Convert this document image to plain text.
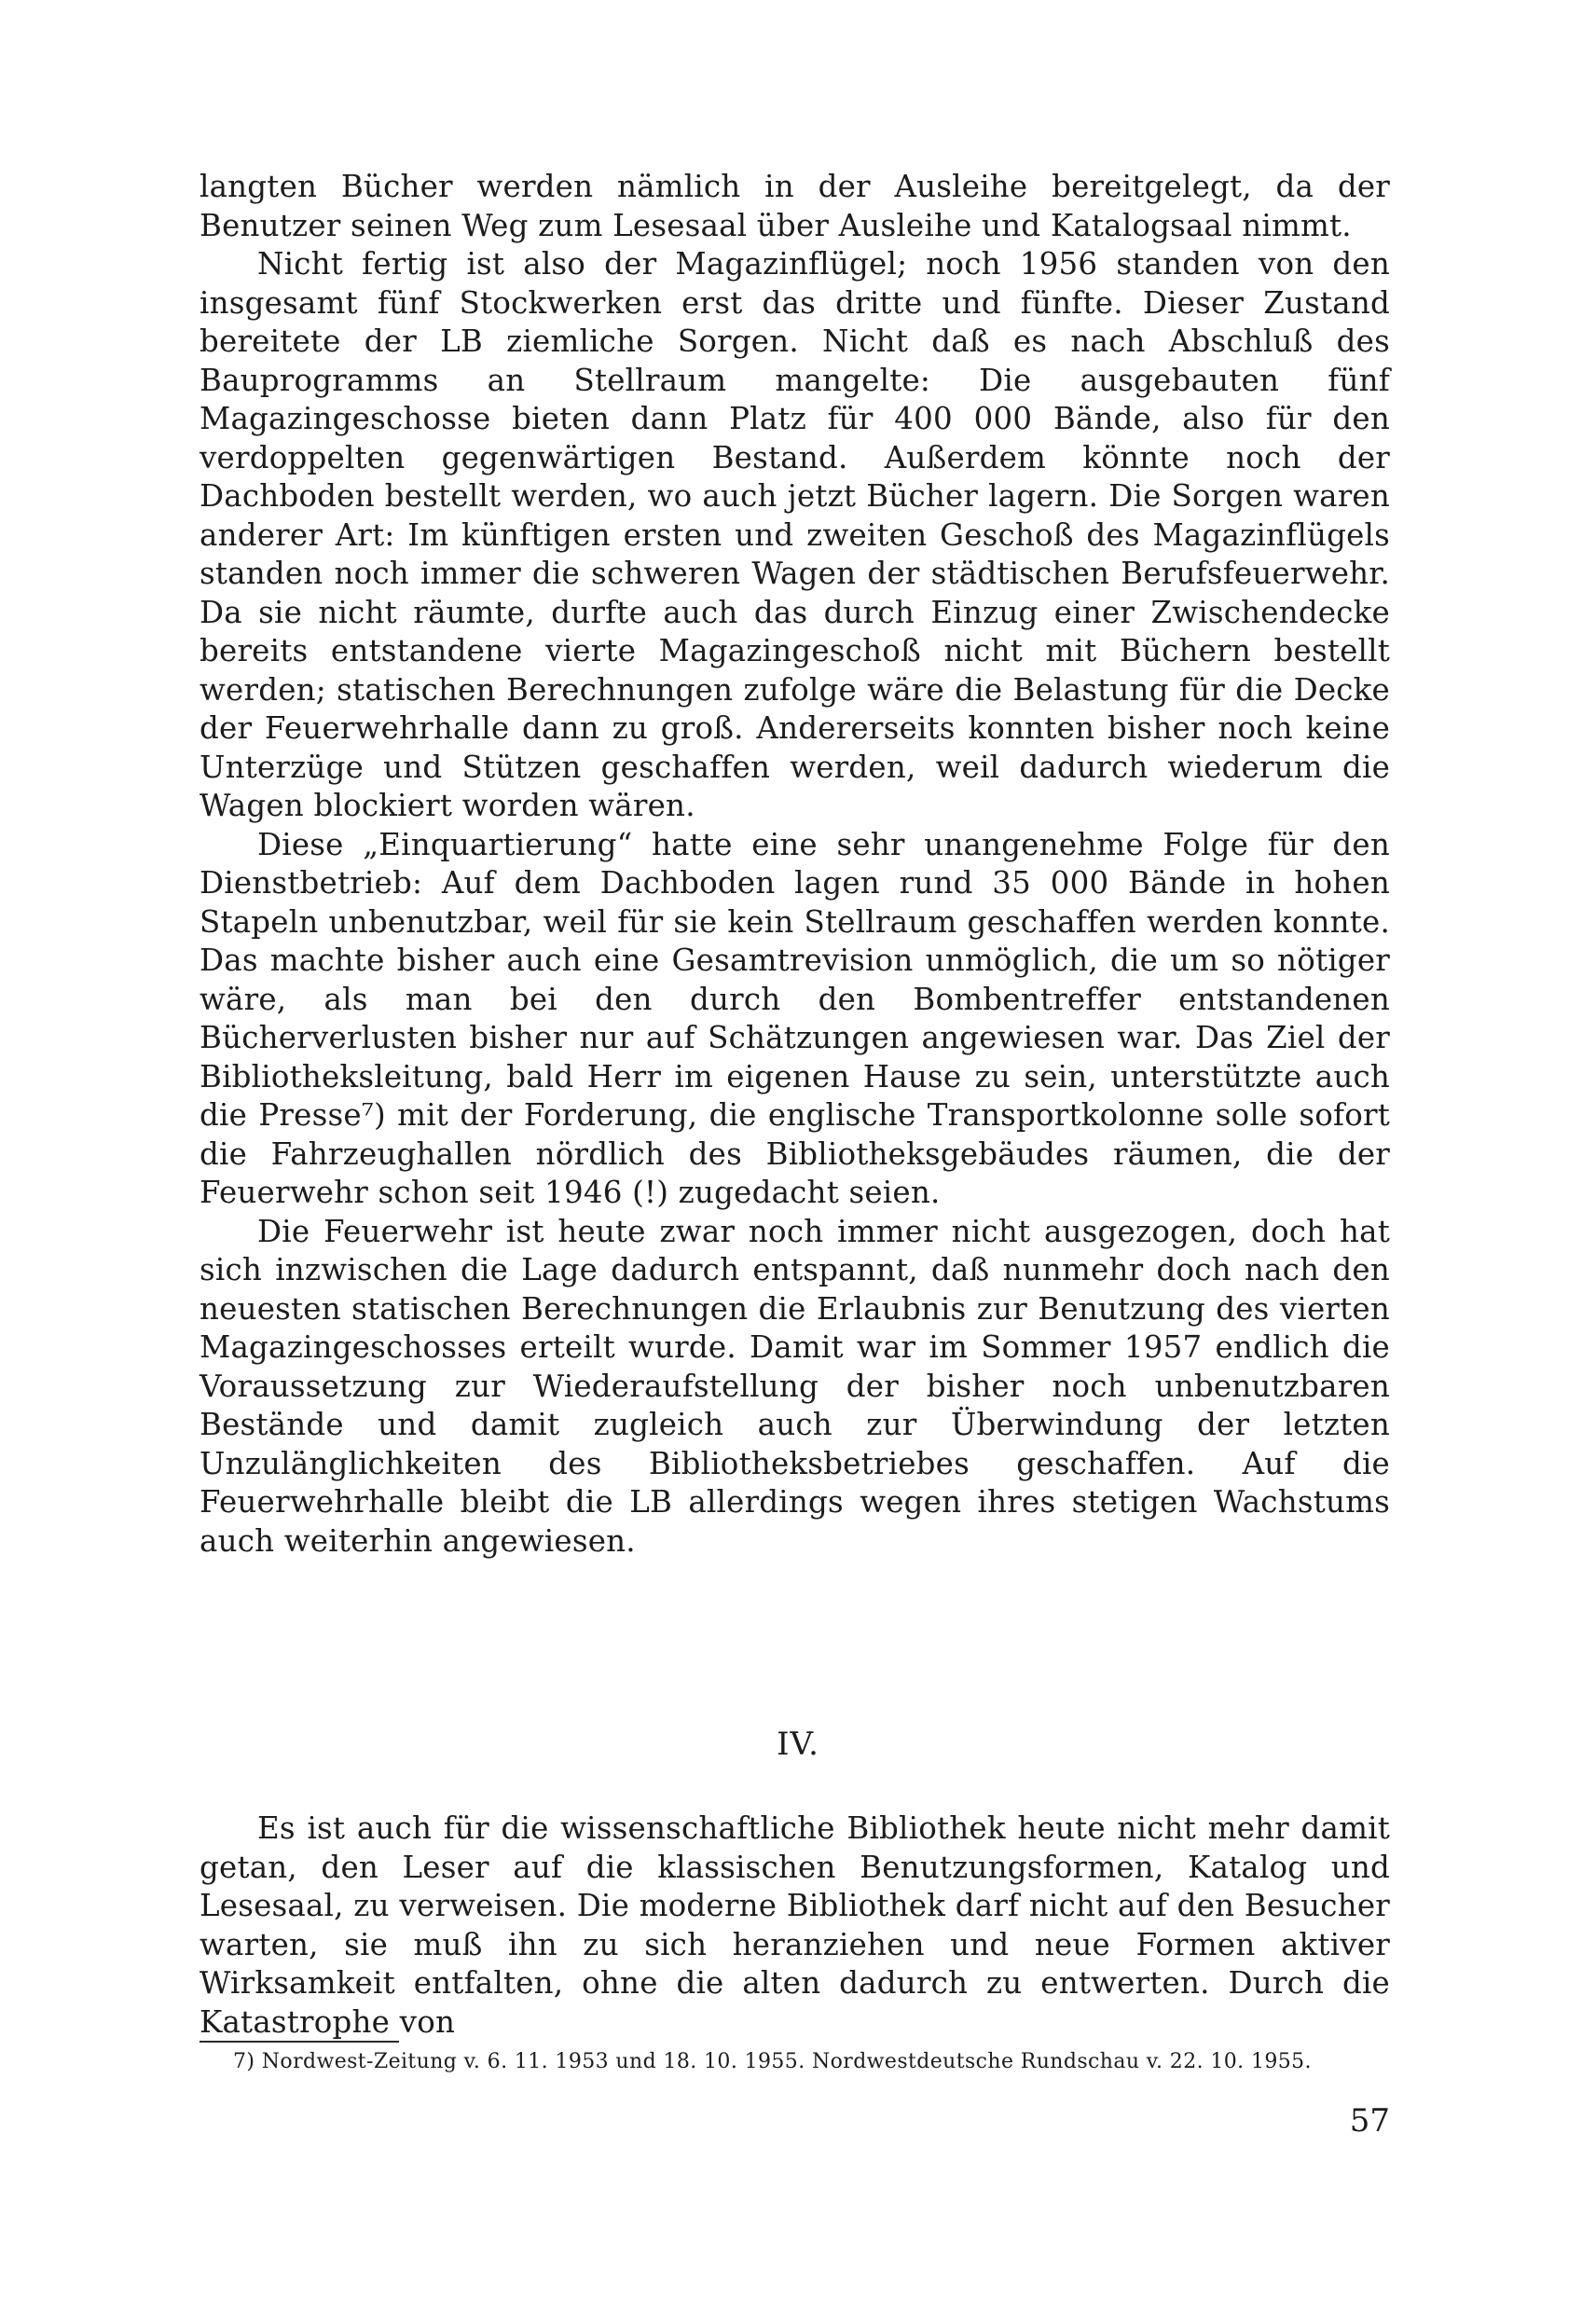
langten Bücher werden nämlich in der Ausleihe bereitgelegt, da der Benutzer seinen Weg zum Lesesaal über Ausleihe und Katalogsaal nimmt.

Nicht fertig ist also der Magazinflügel; noch 1956 standen von den insgesamt fünf Stockwerken erst das dritte und fünfte. Dieser Zustand bereitete der LB ziemliche Sorgen. Nicht daß es nach Abschluß des Bauprogramms an Stellraum mangelte: Die ausgebauten fünf Magazingeschosse bieten dann Platz für 400 000 Bände, also für den verdoppelten gegenwärtigen Bestand. Außerdem könnte noch der Dachboden bestellt werden, wo auch jetzt Bücher lagern. Die Sorgen waren anderer Art: Im künftigen ersten und zweiten Geschoß des Magazinflügels standen noch immer die schweren Wagen der städtischen Berufsfeuerwehr. Da sie nicht räumte, durfte auch das durch Einzug einer Zwischendecke bereits entstandene vierte Magazingeschoß nicht mit Büchern bestellt werden; statischen Berechnungen zufolge wäre die Belastung für die Decke der Feuerwehrhalle dann zu groß. Andererseits konnten bisher noch keine Unterzüge und Stützen geschaffen werden, weil dadurch wiederum die Wagen blockiert worden wären.

Diese „Einquartierung“ hatte eine sehr unangenehme Folge für den Dienstbetrieb: Auf dem Dachboden lagen rund 35 000 Bände in hohen Stapeln unbenutzbar, weil für sie kein Stellraum geschaffen werden konnte. Das machte bisher auch eine Gesamtrevision unmöglich, die um so nötiger wäre, als man bei den durch den Bombentreffer entstandenen Bücherverlusten bisher nur auf Schätzungen angewiesen war. Das Ziel der Bibliotheksleitung, bald Herr im eigenen Hause zu sein, unterstützte auch die Presse⁷) mit der Forderung, die englische Transportkolonne solle sofort die Fahrzeughallen nördlich des Bibliotheksgebäudes räumen, die der Feuerwehr schon seit 1946 (!) zugedacht seien.

Die Feuerwehr ist heute zwar noch immer nicht ausgezogen, doch hat sich inzwischen die Lage dadurch entspannt, daß nunmehr doch nach den neuesten statischen Berechnungen die Erlaubnis zur Benutzung des vierten Magazingeschosses erteilt wurde. Damit war im Sommer 1957 endlich die Voraussetzung zur Wiederaufstellung der bisher noch unbenutzbaren Bestände und damit zugleich auch zur Überwindung der letzten Unzulänglichkeiten des Bibliotheksbetriebes geschaffen. Auf die Feuerwehrhalle bleibt die LB allerdings wegen ihres stetigen Wachstums auch weiterhin angewiesen.

IV.

Es ist auch für die wissenschaftliche Bibliothek heute nicht mehr damit getan, den Leser auf die klassischen Benutzungsformen, Katalog und Lesesaal, zu verweisen. Die moderne Bibliothek darf nicht auf den Besucher warten, sie muß ihn zu sich heranziehen und neue Formen aktiver Wirksamkeit entfalten, ohne die alten dadurch zu entwerten. Durch die Katastrophe von

7) Nordwest-Zeitung v. 6. 11. 1953 und 18. 10. 1955. Nordwestdeutsche Rundschau v. 22. 10. 1955.
57
